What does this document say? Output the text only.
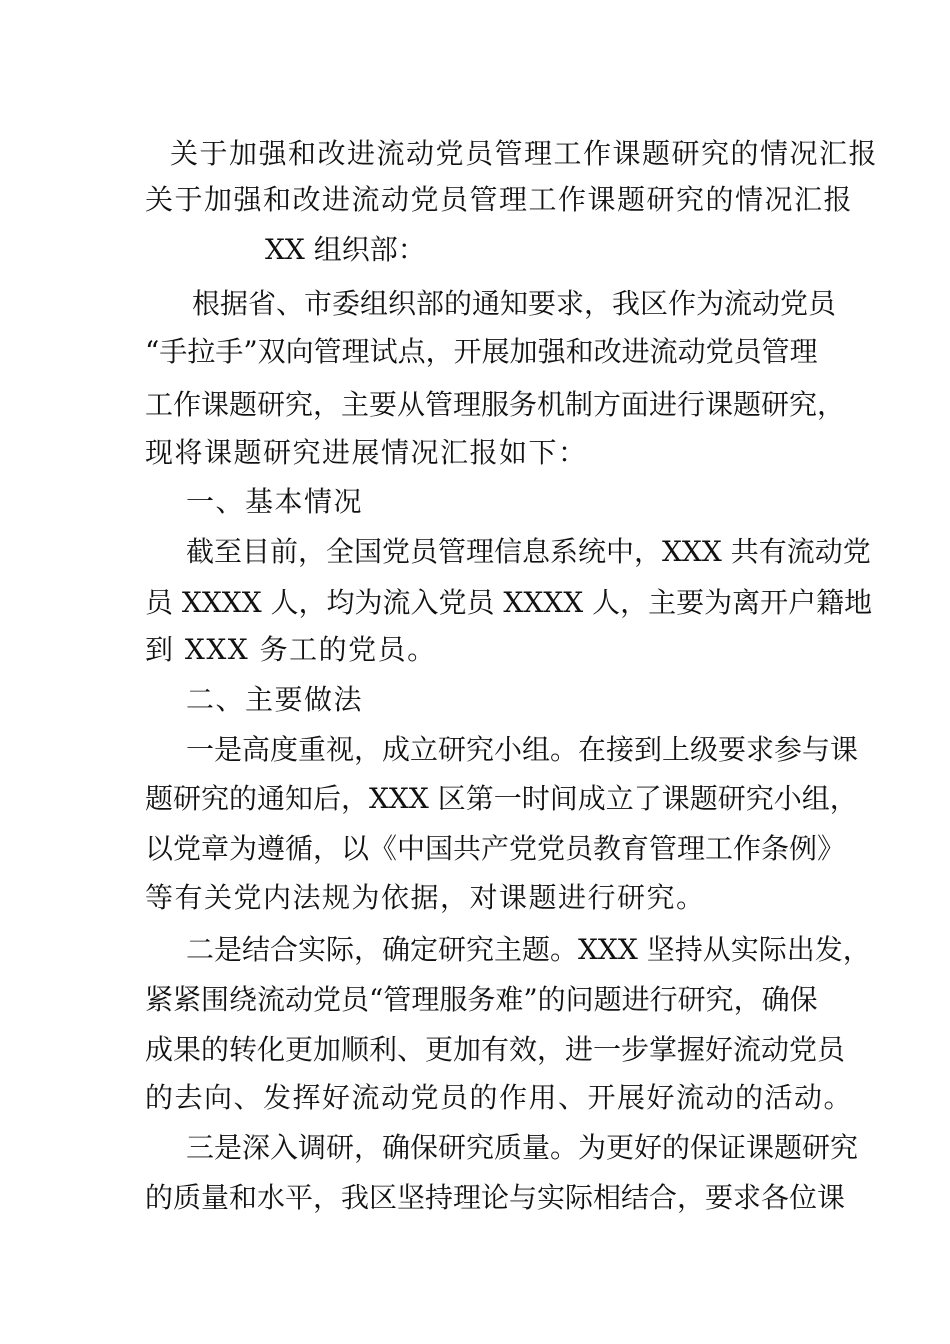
关于加强和改进流动党员管理工作课题研究的情况汇报
关于加强和改进流动党员管理工作课题研究的情况汇报
XX 组织部：
根据省、市委组织部的通知要求，我区作为流动党员
“手拉手”双向管理试点，开展加强和改进流动党员管理
工作课题研究，主要从管理服务机制方面进行课题研究，
现将课题研究进展情况汇报如下：
一、基本情况
截至目前，全国党员管理信息系统中，XXX 共有流动党
员 XXXX 人，均为流入党员 XXXX 人，主要为离开户籍地
到 XXX 务工的党员。
二、主要做法
一是高度重视，成立研究小组。在接到上级要求参与课
题研究的通知后，XXX 区第一时间成立了课题研究小组，
以党章为遵循，以《中国共产党党员教育管理工作条例》
等有关党内法规为依据，对课题进行研究。
二是结合实际，确定研究主题。XXX 坚持从实际出发，
紧紧围绕流动党员“管理服务难”的问题进行研究，确保
成果的转化更加顺利、更加有效，进一步掌握好流动党员
的去向、发挥好流动党员的作用、开展好流动的活动。
三是深入调研，确保研究质量。为更好的保证课题研究
的质量和水平，我区坚持理论与实际相结合，要求各位课
